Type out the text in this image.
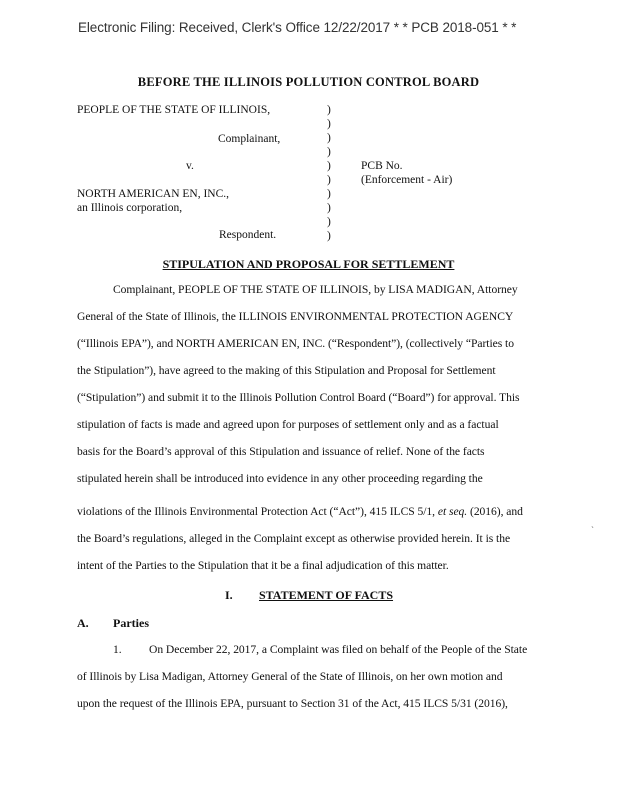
Electronic Filing: Received, Clerk's Office 12/22/2017 * * PCB 2018-051 * *
BEFORE THE ILLINOIS POLLUTION CONTROL BOARD
PEOPLE OF THE STATE OF ILLINOIS,
Complainant,
v.
NORTH AMERICAN EN, INC.,
an Illinois corporation,
Respondent.
PCB No.
(Enforcement - Air)
)
)
)
)
)
)
)
)
)
)
STIPULATION AND PROPOSAL FOR SETTLEMENT
Complainant, PEOPLE OF THE STATE OF ILLINOIS, by LISA MADIGAN, Attorney
General of the State of Illinois, the ILLINOIS ENVIRONMENTAL PROTECTION AGENCY
(“Illinois EPA”), and NORTH AMERICAN EN, INC. (“Respondent”), (collectively “Parties to
the Stipulation”), have agreed to the making of this Stipulation and Proposal for Settlement
(“Stipulation”) and submit it to the Illinois Pollution Control Board (“Board”) for approval. This
stipulation of facts is made and agreed upon for purposes of settlement only and as a factual
basis for the Board’s approval of this Stipulation and issuance of relief. None of the facts
stipulated herein shall be introduced into evidence in any other proceeding regarding the
violations of the Illinois Environmental Protection Act (“Act”), 415 ILCS 5/1, et seq. (2016), and
the Board’s regulations, alleged in the Complaint except as otherwise provided herein. It is the
intent of the Parties to the Stipulation that it be a final adjudication of this matter.
ˏ
I. STATEMENT OF FACTS
A. Parties
1. On December 22, 2017, a Complaint was filed on behalf of the People of the State
of Illinois by Lisa Madigan, Attorney General of the State of Illinois, on her own motion and
upon the request of the Illinois EPA, pursuant to Section 31 of the Act, 415 ILCS 5/31 (2016),
